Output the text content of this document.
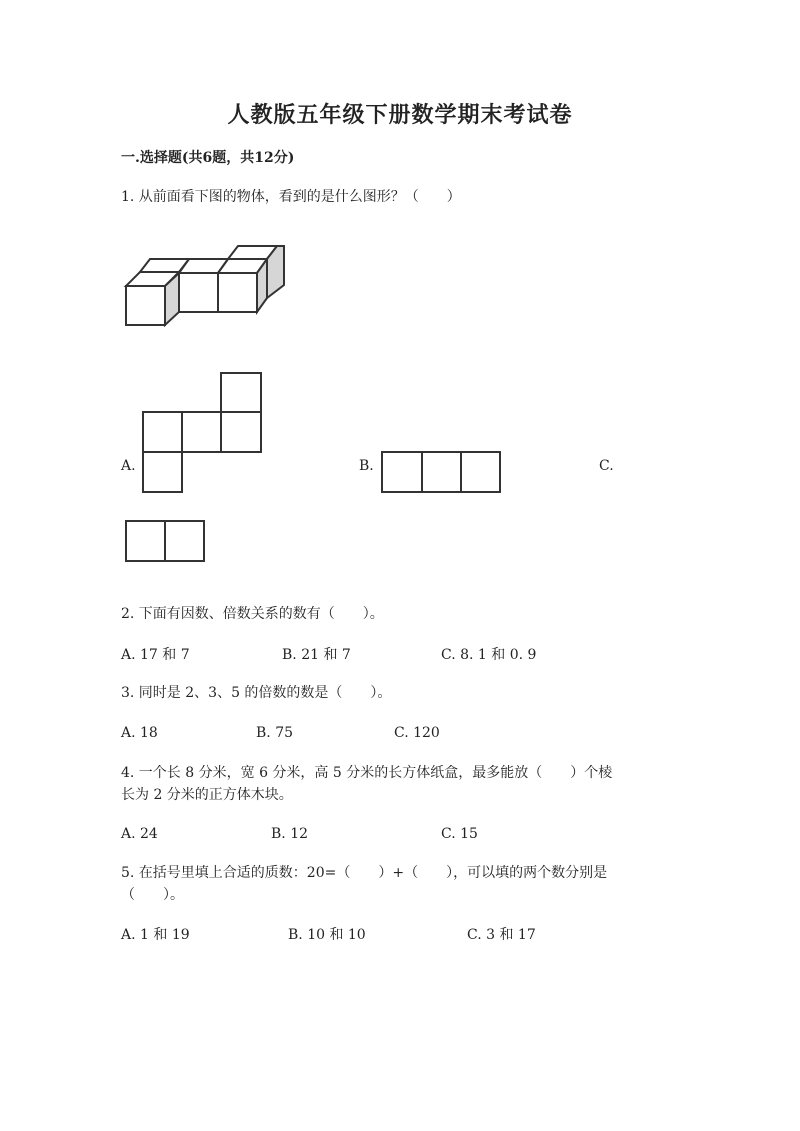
人教版五年级下册数学期末考试卷
一.选择题(共6题，共12分)
1. 从前面看下图的物体，看到的是什么图形？（　　）
A.	B.	C.
2. 下面有因数、倍数关系的数有（　　）。
A. 17 和 7	B. 21 和 7	C. 8. 1 和 0. 9
3. 同时是 2、3、5 的倍数的数是（　　）。
A. 18	B. 75	C. 120
4. 一个长 8 分米，宽 6 分米，高 5 分米的长方体纸盒，最多能放（　　）个棱
长为 2 分米的正方体木块。
A. 24	B. 12	C. 15
5. 在括号里填上合适的质数：20=（　　）+（　　），可以填的两个数分别是
（　　）。
A. 1 和 19	B. 10 和 10	C. 3 和 17
